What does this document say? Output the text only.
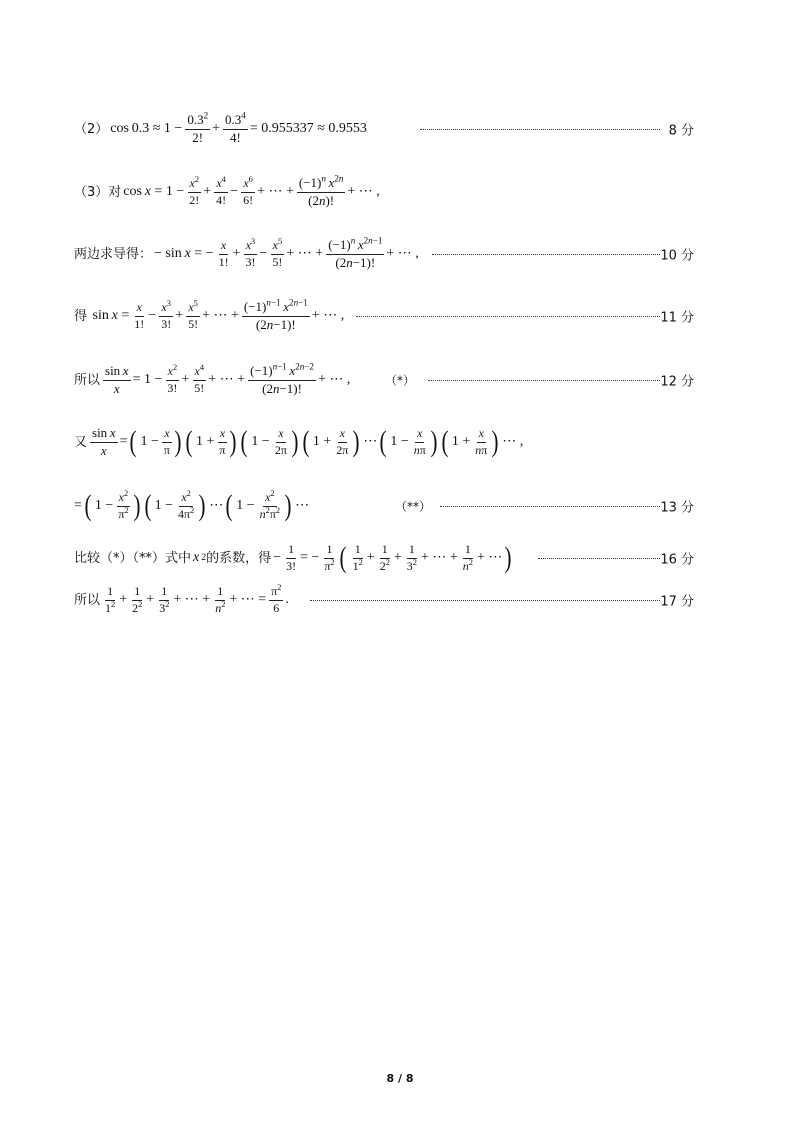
（2） $\cos 0.3 \approx 1 - \frac{0.3^2}{2!} + \frac{0.3^4}{4!} = 0.955337 \approx 0.9553$	8 分
（3）对 $\cos x = 1 - \frac{x^2}{2!} + \frac{x^4}{4!} - \frac{x^6}{6!}$ + ⋯ + $\frac{(-1)^n x^{2n}}{(2n)!}$ + ⋯ ,
两边求导得： − sin x = − $\frac{x}{1!} + \frac{x^3}{3!} - \frac{x^5}{5!}$ + ⋯ + $\frac{(-1)^n x^{2n-1}}{(2n-1)!}$ + ⋯ ,	10 分
得 $\sin x = \frac{x}{1!} - \frac{x^3}{3!} + \frac{x^5}{5!}$ + ⋯ + $\frac{(-1)^{n-1} x^{2n-1}}{(2n-1)!}$ + ⋯ ,	11 分
所以 $\frac{\text{sin x}}{x} = 1 - \frac{x^2}{3!} + \frac{x^4}{5!}$ + ⋯ + $\frac{(-1)^{n-1} x^{2n-2}}{(2n-1)!}$ + ⋯ ,	（*）	12 分
又 $\frac{\text{sin x}}{x}$ = ( $1 - \frac{x}{\pi}$ ) ( $1 + \frac{x}{\pi}$ ) ( $1 - \frac{x}{2\pi}$ ) ( $1 + \frac{x}{2\pi}$ ) ⋯ ( $1 - \frac{x}{n\pi}$ ) ( $1 + \frac{x}{n\pi}$ ) ⋯ ,
= ( $1 - \frac{x^2}{\pi^2}$ ) ( $1 - \frac{x^2}{4\pi^2}$ ) ⋯ ( $1 - \frac{x^2}{n^2\pi^2}$ ) ⋯	（**）	13 分
比较（*）（**）式中 x 2 的系数，得 − $\frac{1}{3!}$ = − $\frac{1}{\pi^2}$ ( $\frac{1}{1^2} + \frac{1}{2^2} + \frac{1}{3^2}$ + ⋯ + $\frac{1}{n^2}$ + ⋯ )	16 分
所以 $\frac{1}{1^2} + \frac{1}{2^2} + \frac{1}{3^2}$ + ⋯ + $\frac{1}{n^2}$ + ⋯ = $\frac{\pi^2}{6}$ .	17 分
8 / 8
